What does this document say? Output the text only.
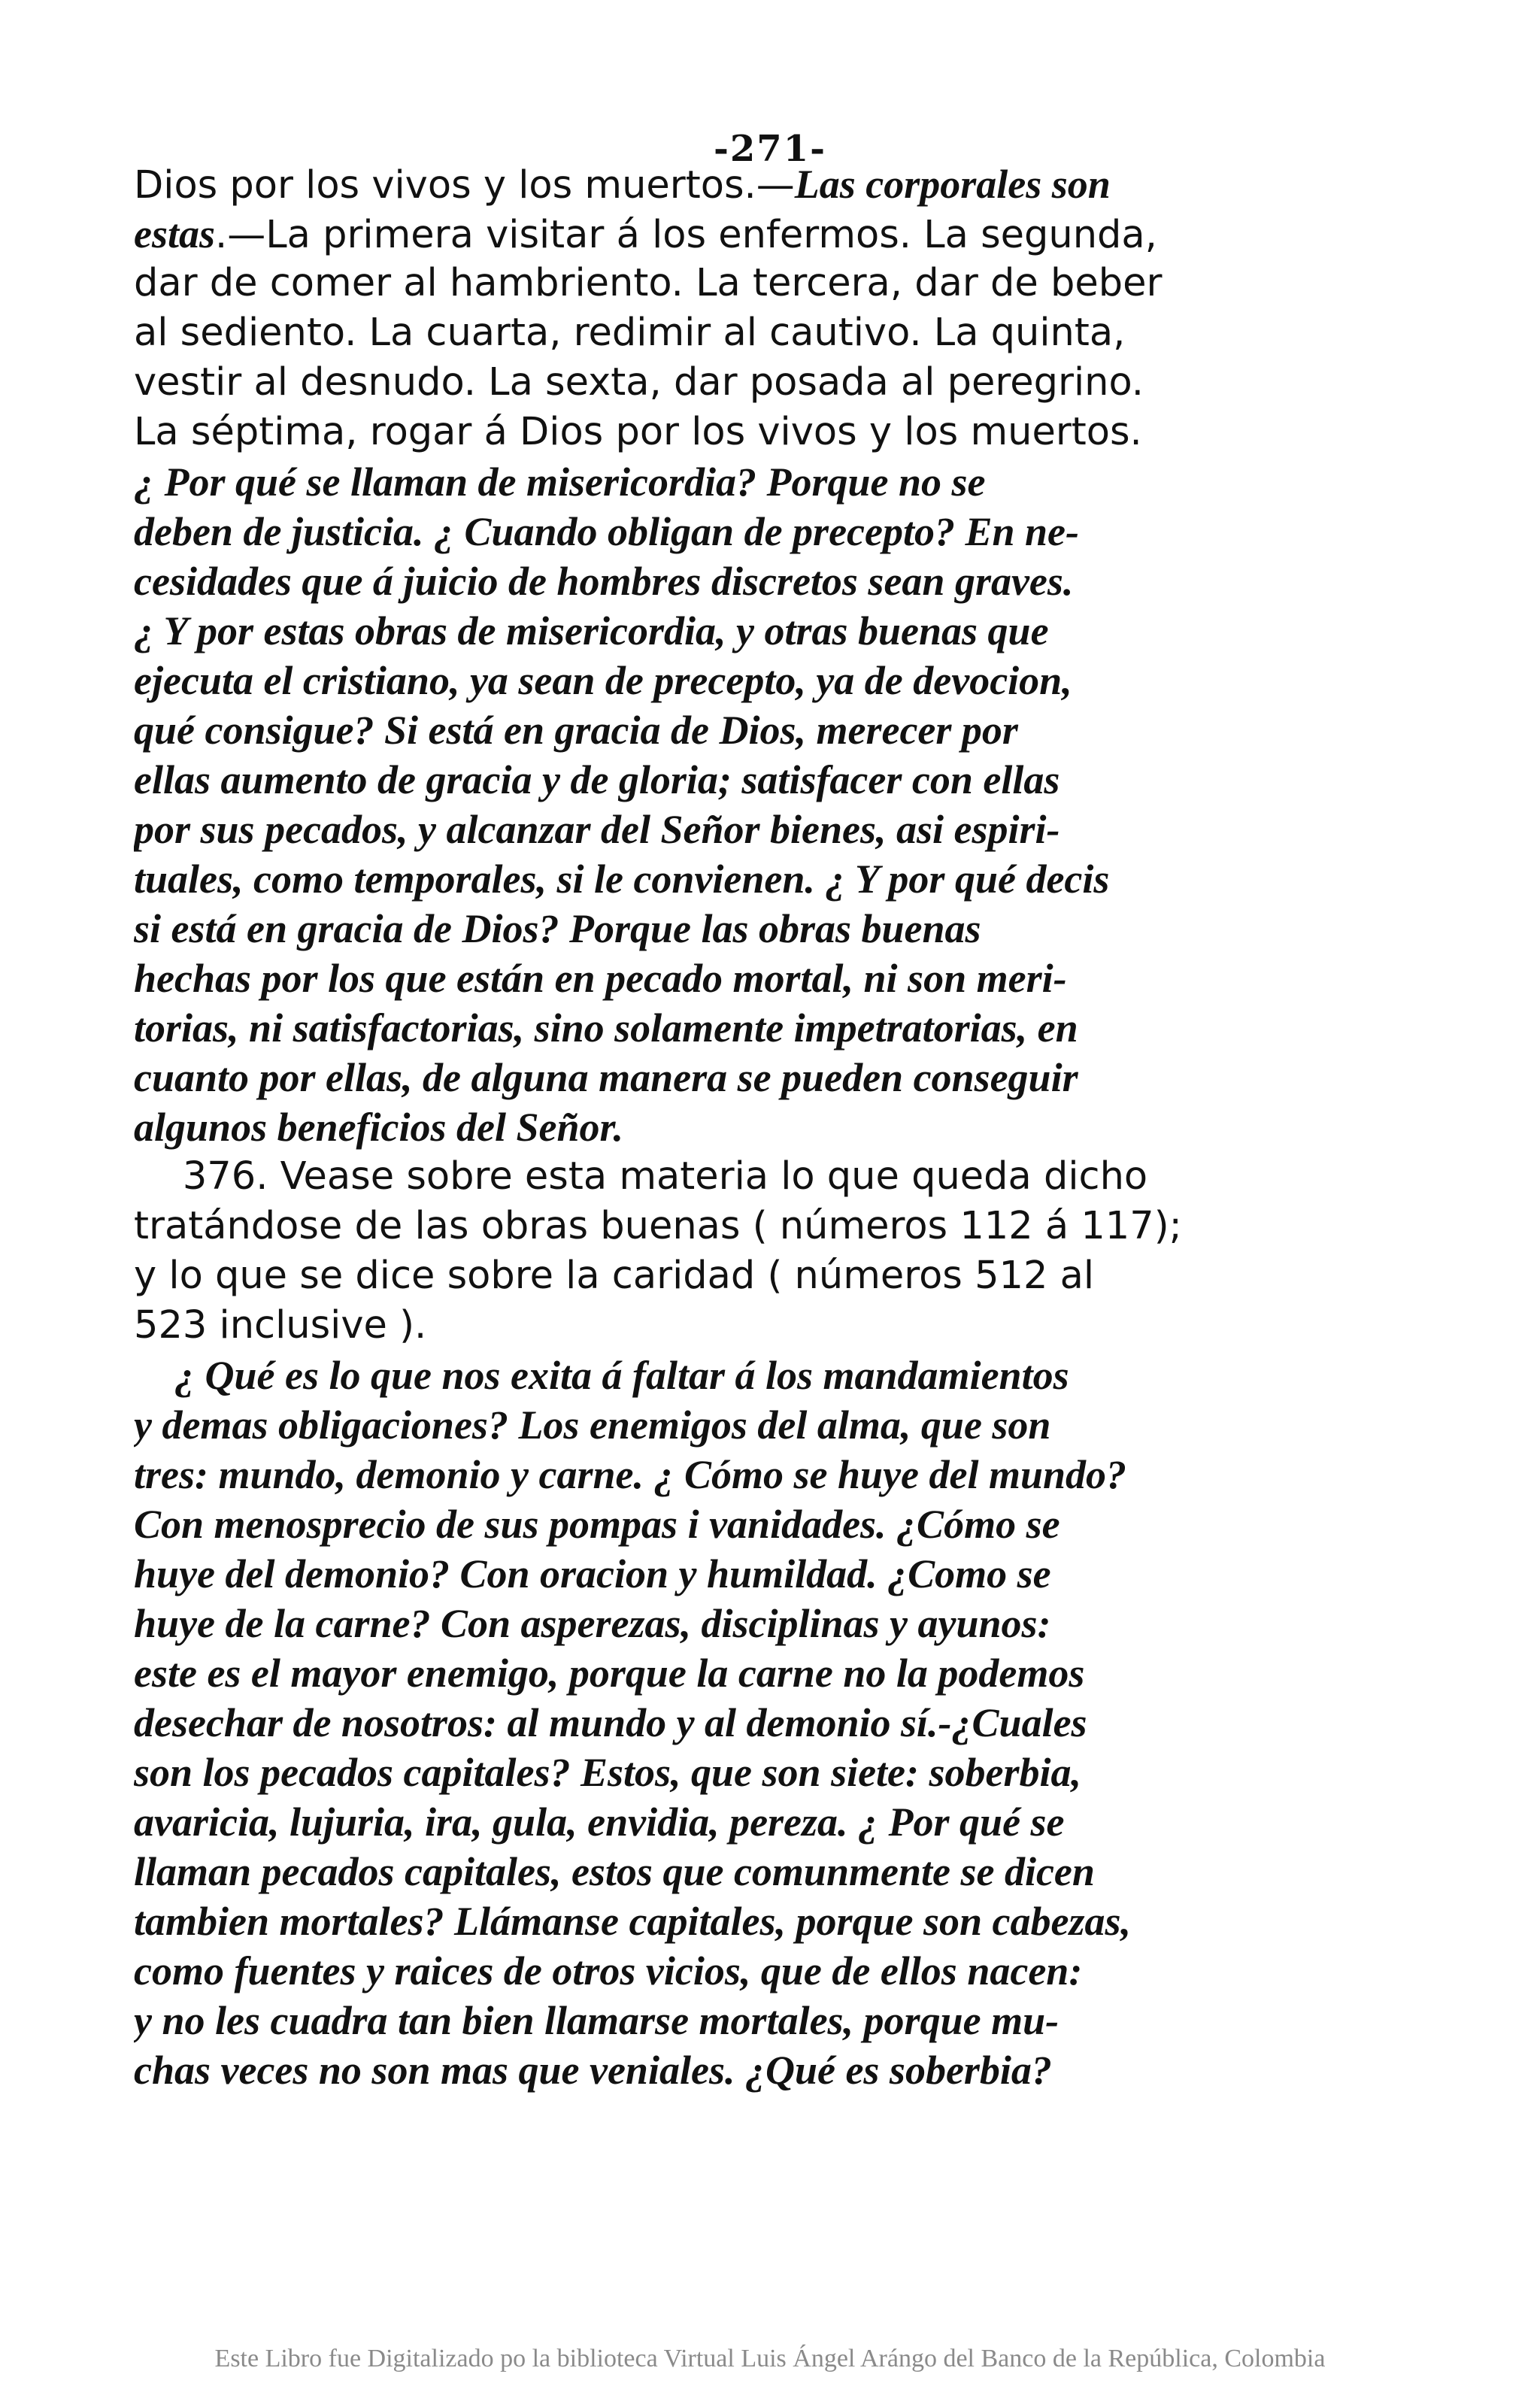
-271-
Dios por los vivos y los muertos.—Las corporales son
estas.—La primera visitar á los enfermos. La segunda,
dar de comer al hambriento. La tercera, dar de beber
al sediento. La cuarta, redimir al cautivo. La quinta,
vestir al desnudo. La sexta, dar posada al peregrino.
La séptima, rogar á Dios por los vivos y los muertos.
¿ Por qué se llaman de misericordia? Porque no se
deben de justicia. ¿ Cuando obligan de precepto? En ne-
cesidades que á juicio de hombres discretos sean graves.
¿ Y por estas obras de misericordia, y otras buenas que
ejecuta el cristiano, ya sean de precepto, ya de devocion,
qué consigue? Si está en gracia de Dios, merecer por
ellas aumento de gracia y de gloria; satisfacer con ellas
por sus pecados, y alcanzar del Señor bienes, asi espiri-
tuales, como temporales, si le convienen. ¿ Y por qué decis
si está en gracia de Dios? Porque las obras buenas
hechas por los que están en pecado mortal, ni son meri-
torias, ni satisfactorias, sino solamente impetratorias, en
cuanto por ellas, de alguna manera se pueden conseguir
algunos beneficios del Señor.
376. Vease sobre esta materia lo que queda dicho
tratándose de las obras buenas ( números 112 á 117);
y lo que se dice sobre la caridad ( números 512 al
523 inclusive ).
¿ Qué es lo que nos exita á faltar á los mandamientos
y demas obligaciones? Los enemigos del alma, que son
tres: mundo, demonio y carne. ¿ Cómo se huye del mundo?
Con menosprecio de sus pompas i vanidades. ¿Cómo se
huye del demonio? Con oracion y humildad. ¿Como se
huye de la carne? Con asperezas, disciplinas y ayunos:
este es el mayor enemigo, porque la carne no la podemos
desechar de nosotros: al mundo y al demonio sí.-¿Cuales
son los pecados capitales? Estos, que son siete: soberbia,
avaricia, lujuria, ira, gula, envidia, pereza. ¿ Por qué se
llaman pecados capitales, estos que comunmente se dicen
tambien mortales? Llámanse capitales, porque son cabezas,
como fuentes y raices de otros vicios, que de ellos nacen:
y no les cuadra tan bien llamarse mortales, porque mu-
chas veces no son mas que veniales. ¿Qué es soberbia?
Este Libro fue Digitalizado po la biblioteca Virtual Luis Ángel Arángo del Banco de la República, Colombia
